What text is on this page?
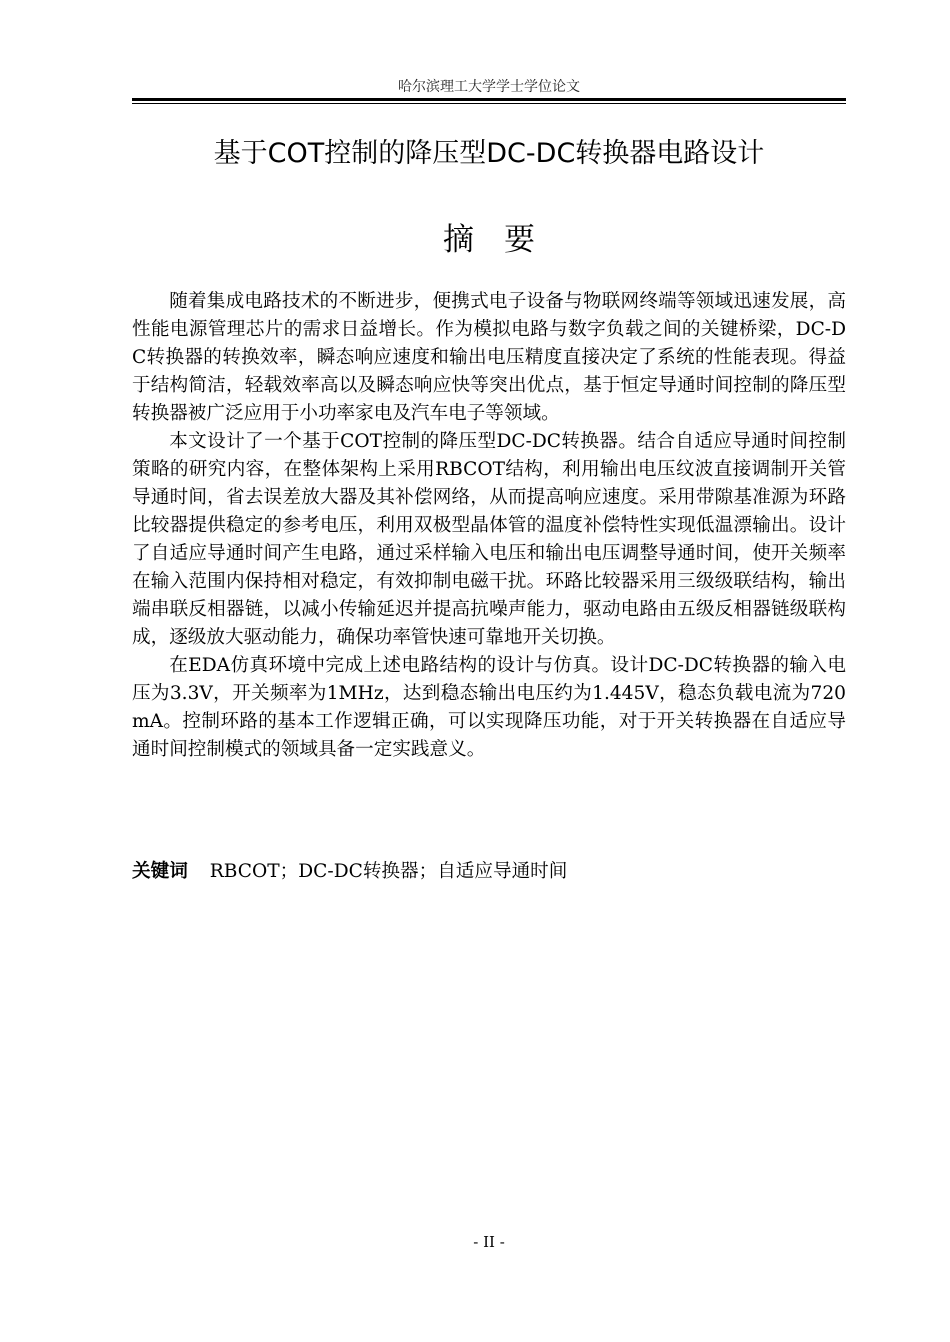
哈尔滨理工大学学士学位论文
基于COT控制的降压型DC-DC转换器电路设计
摘要

随着集成电路技术的不断进步，便携式电子设备与物联网终端等领域迅速发展，高性能电源管理芯片的需求日益增长。作为模拟电路与数字负载之间的关键桥梁，DC-DC转换器的转换效率，瞬态响应速度和输出电压精度直接决定了系统的性能表现。得益于结构简洁，轻载效率高以及瞬态响应快等突出优点，基于恒定导通时间控制的降压型转换器被广泛应用于小功率家电及汽车电子等领域。

本文设计了一个基于COT控制的降压型DC-DC转换器。结合自适应导通时间控制策略的研究内容，在整体架构上采用RBCOT结构，利用输出电压纹波直接调制开关管导通时间，省去误差放大器及其补偿网络，从而提高响应速度。采用带隙基准源为环路比较器提供稳定的参考电压，利用双极型晶体管的温度补偿特性实现低温漂输出。设计了自适应导通时间产生电路，通过采样输入电压和输出电压调整导通时间，使开关频率在输入范围内保持相对稳定，有效抑制电磁干扰。环路比较器采用三级级联结构，输出端串联反相器链，以减小传输延迟并提高抗噪声能力，驱动电路由五级反相器链级联构成，逐级放大驱动能力，确保功率管快速可靠地开关切换。

在EDA仿真环境中完成上述电路结构的设计与仿真。设计DC-DC转换器的输入电压为3.3V，开关频率为1MHz，达到稳态输出电压约为1.445V，稳态负载电流为720mA。控制环路的基本工作逻辑正确，可以实现降压功能，对于开关转换器在自适应导通时间控制模式的领域具备一定实践意义。

关键词 RBCOT；DC-DC转换器；自适应导通时间
- II -
